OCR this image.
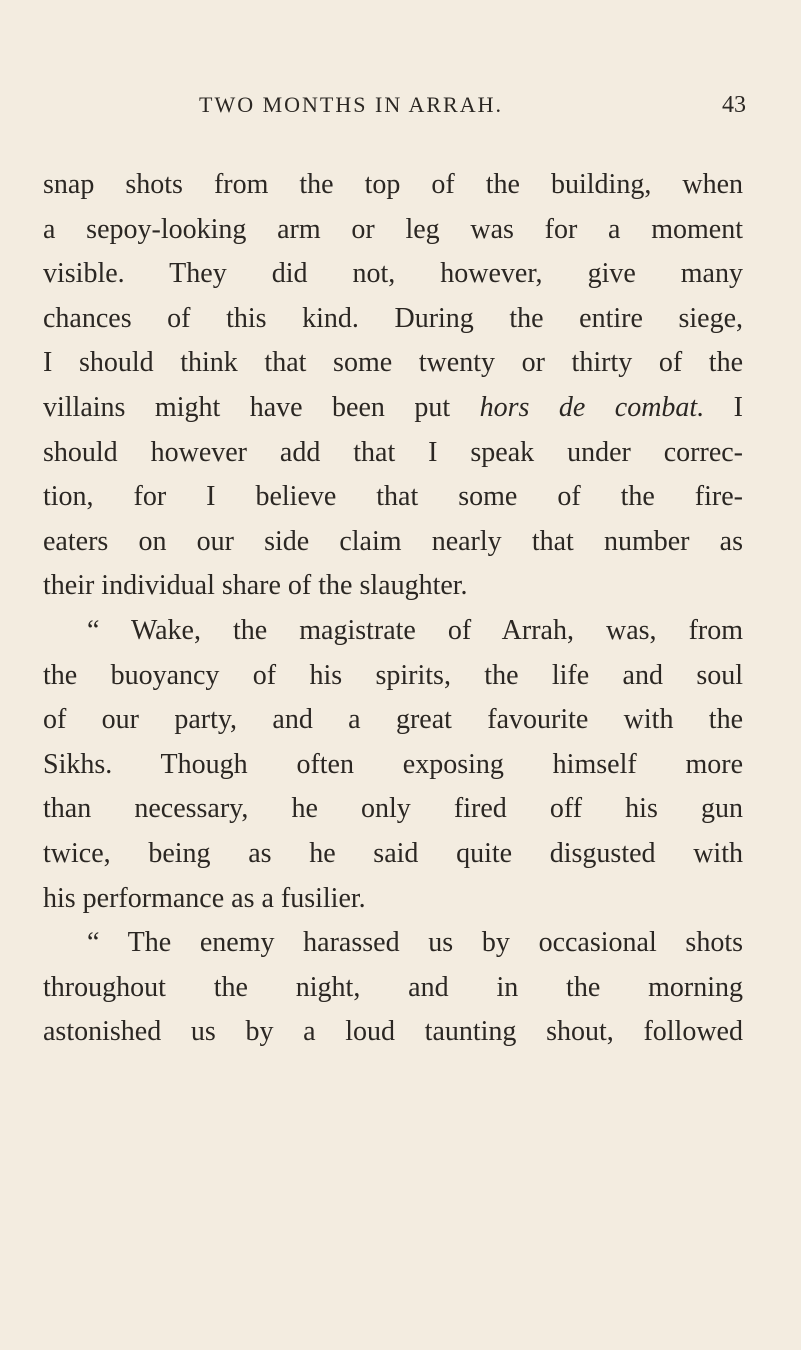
TWO MONTHS IN ARRAH.	43
snap shots from the top of the building, when
a sepoy-looking arm or leg was for a moment
visible. They did not, however, give many
chances of this kind. During the entire siege,
I should think that some twenty or thirty of the
villains might have been put hors de combat. I
should however add that I speak under correc-
tion, for I believe that some of the fire-
eaters on our side claim nearly that number as
their individual share of the slaughter.
“ Wake, the magistrate of Arrah, was, from
the buoyancy of his spirits, the life and soul
of our party, and a great favourite with the
Sikhs. Though often exposing himself more
than necessary, he only fired off his gun
twice, being as he said quite disgusted with
his performance as a fusilier.
“ The enemy harassed us by occasional shots
throughout the night, and in the morning
astonished us by a loud taunting shout, followed
